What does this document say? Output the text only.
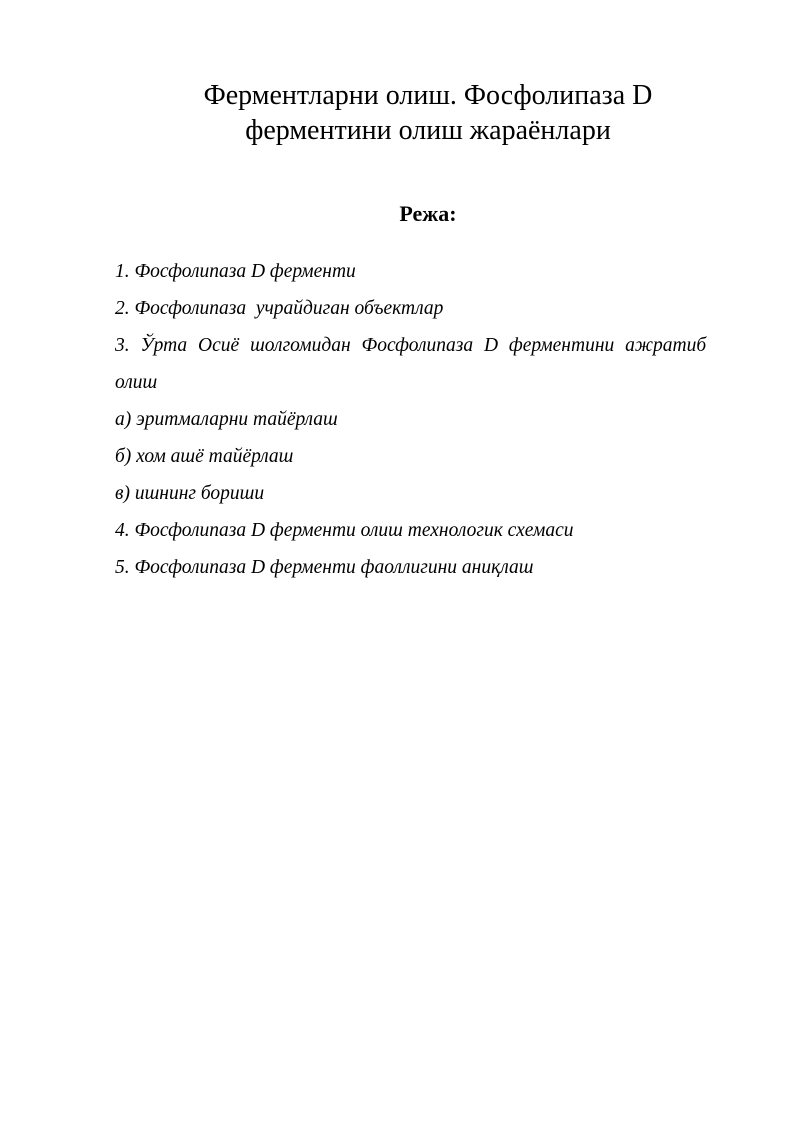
Ферментларни олиш. Фосфолипаза D
ферментини олиш жараёнлари
Режа:
1. Фосфолипаза D ферменти
2. Фосфолипаза  учрайдиган объектлар
3. Ўрта Осиё шолгомидан Фосфолипаза D ферментини ажратиб
олиш
а) эритмаларни тайёрлаш
б) хом ашё тайёрлаш
в) ишнинг бориши
4. Фосфолипаза D ферменти олиш технологик схемаси
5. Фосфолипаза D ферменти фаоллигини аниқлаш
